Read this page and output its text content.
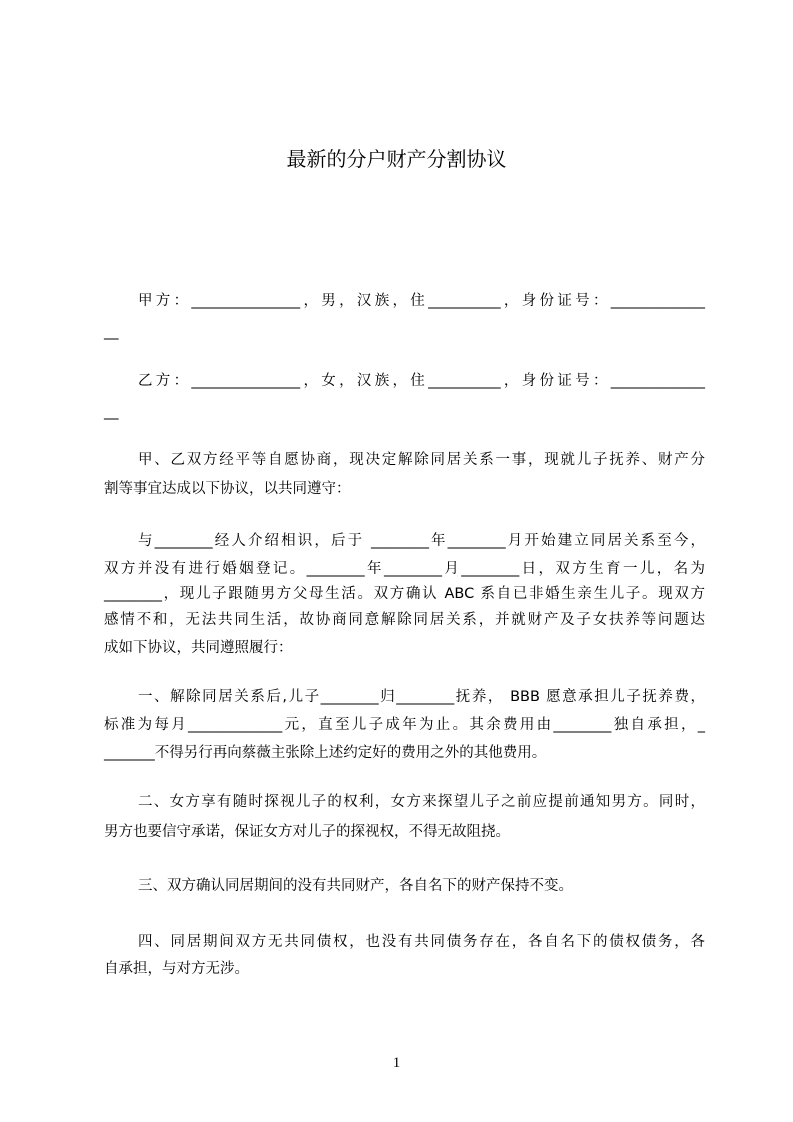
最新的分户财产分割协议
甲方：_______________，男，汉族，住__________，身份证号：_____________
__
乙方：_______________，女，汉族，住__________，身份证号：_____________
__
甲、乙双方经平等自愿协商，现决定解除同居关系一事，现就儿子抚养、财产分
割等事宜达成以下协议，以共同遵守：
与________经人介绍相识，后于 ________年________月开始建立同居关系至今，
双方并没有进行婚姻登记。________年________月________日，双方生育一儿，名为
________，现儿子跟随男方父母生活。双方确认 ABC 系自已非婚生亲生儿子。现双方
感情不和，无法共同生活，故协商同意解除同居关系，并就财产及子女扶养等问题达
成如下协议，共同遵照履行：
一、解除同居关系后,儿子________归________抚养， BBB 愿意承担儿子抚养费，
标准为每月_____________元，直至儿子成年为止。其余费用由________独自承担，_
_______不得另行再向蔡薇主张除上述约定好的费用之外的其他费用。
二、女方享有随时探视儿子的权利，女方来探望儿子之前应提前通知男方。同时，
男方也要信守承诺，保证女方对儿子的探视权，不得无故阻挠。
三、双方确认同居期间的没有共同财产，各自名下的财产保持不变。
四、同居期间双方无共同债权，也没有共同债务存在，各自名下的债权债务，各
自承担，与对方无涉。
1
